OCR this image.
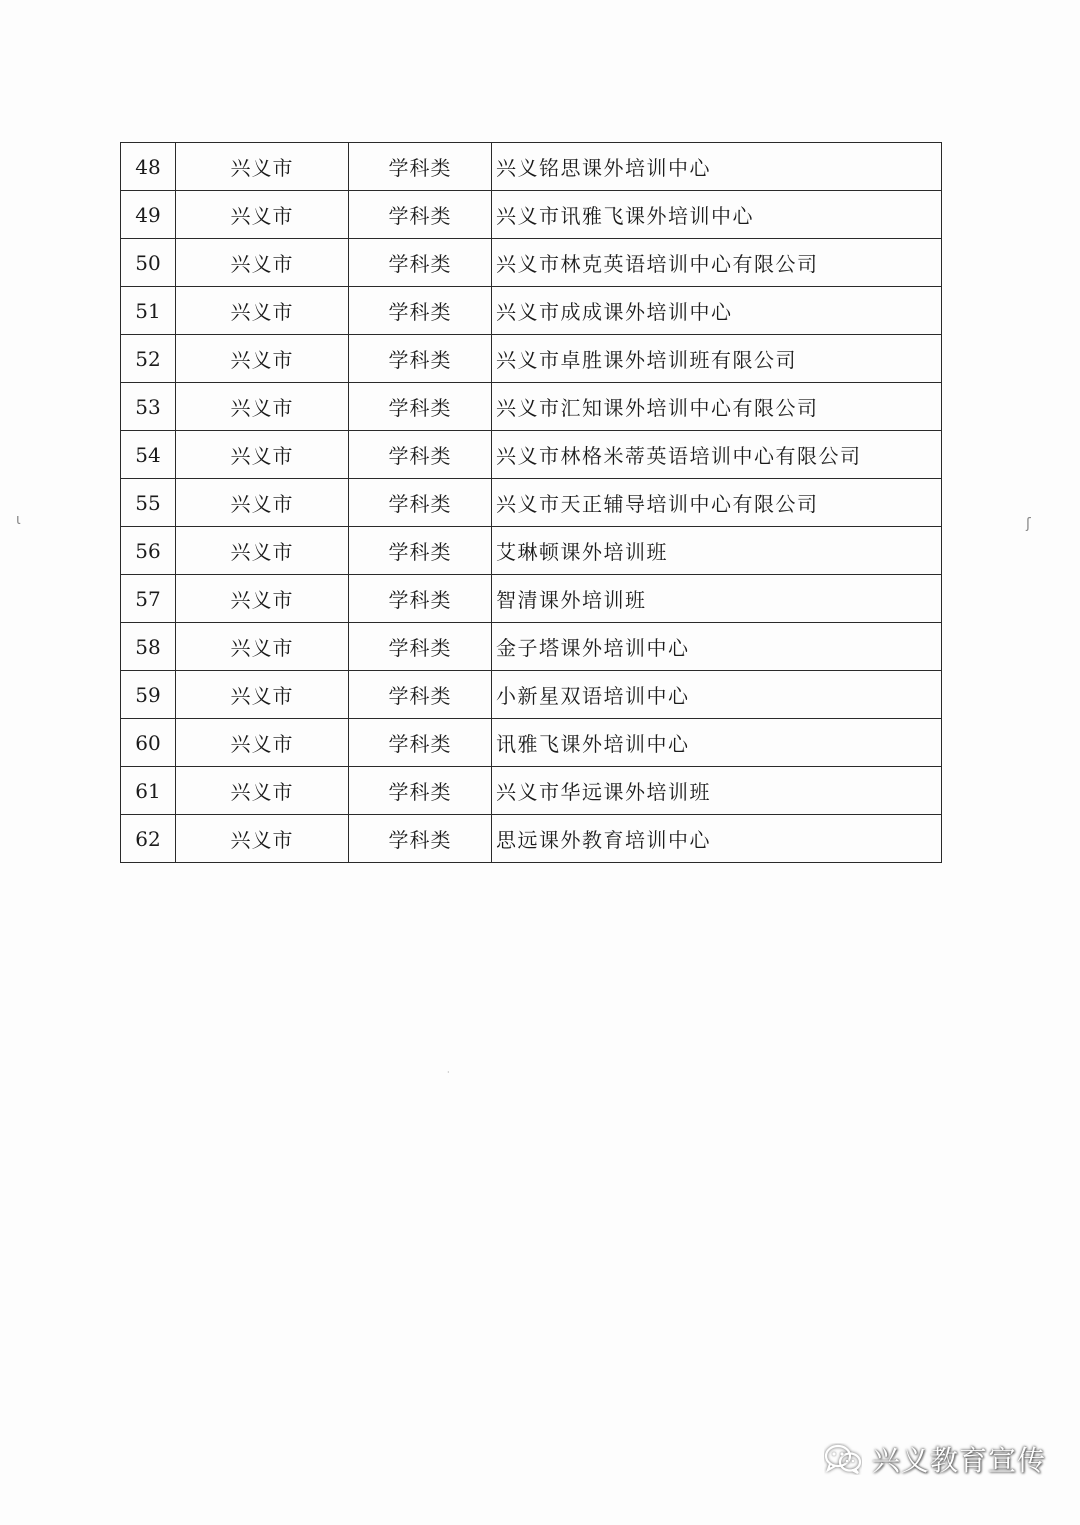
48	兴义市	学科类	兴义铭思课外培训中心
49	兴义市	学科类	兴义市讯雅飞课外培训中心
50	兴义市	学科类	兴义市林克英语培训中心有限公司
51	兴义市	学科类	兴义市成成课外培训中心
52	兴义市	学科类	兴义市卓胜课外培训班有限公司
53	兴义市	学科类	兴义市汇知课外培训中心有限公司
54	兴义市	学科类	兴义市林格米蒂英语培训中心有限公司
55	兴义市	学科类	兴义市天正辅导培训中心有限公司
56	兴义市	学科类	艾琳顿课外培训班
57	兴义市	学科类	智清课外培训班
58	兴义市	学科类	金子塔课外培训中心
59	兴义市	学科类	小新星双语培训中心
60	兴义市	学科类	讯雅飞课外培训中心
61	兴义市	学科类	兴义市华远课外培训班
62	兴义市	学科类	思远课外教育培训中心
ι	ʃ
·
兴义教育宣传
